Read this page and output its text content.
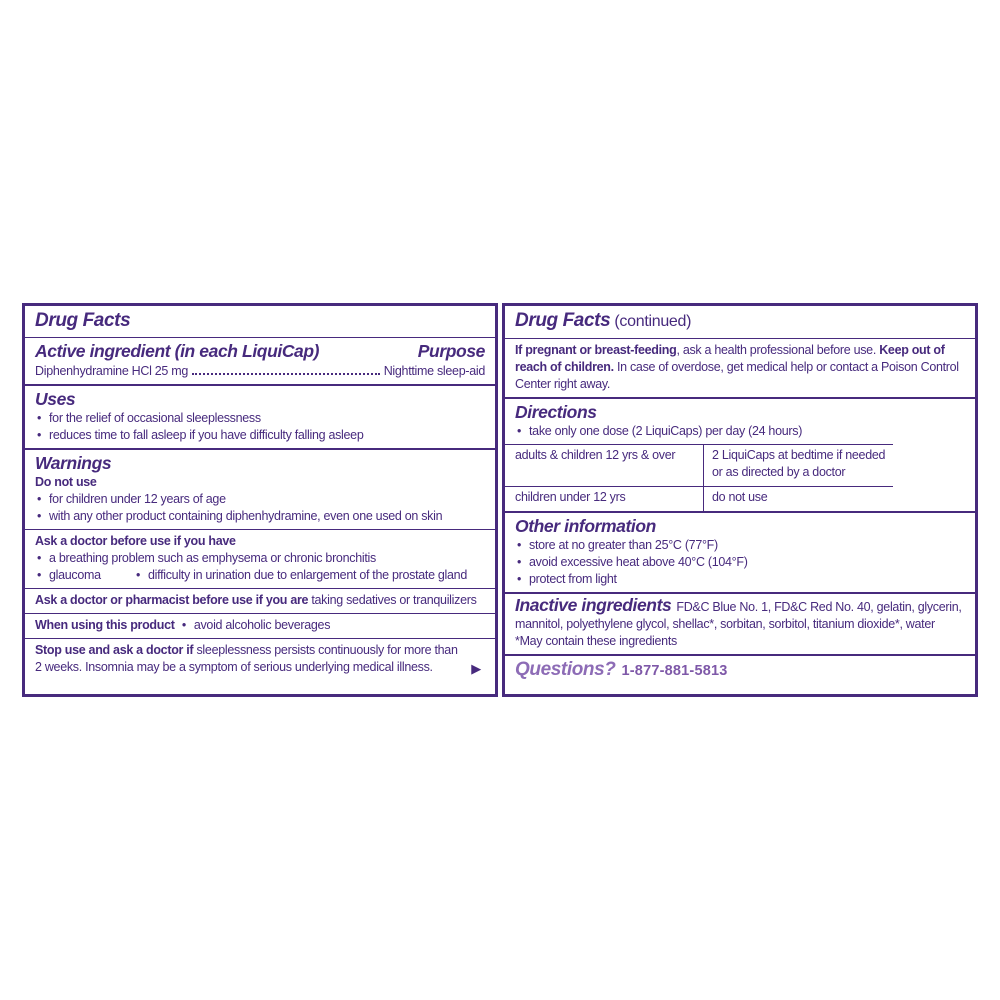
Drug Facts
Active ingredient (in each LiquiCap)	Purpose
Diphenhydramine HCl 25 mg	Nighttime sleep-aid
Uses
• for the relief of occasional sleeplessness
• reduces time to fall asleep if you have difficulty falling asleep
Warnings
Do not use
• for children under 12 years of age
• with any other product containing diphenhydramine, even one used on skin
Ask a doctor before use if you have
• a breathing problem such as emphysema or chronic bronchitis
• glaucoma	• difficulty in urination due to enlargement of the prostate gland
Ask a doctor or pharmacist before use if you are taking sedatives or tranquilizers
When using this product • avoid alcoholic beverages
Stop use and ask a doctor if sleeplessness persists continuously for more than 2 weeks. Insomnia may be a symptom of serious underlying medical illness.	▶
Drug Facts (continued)
If pregnant or breast-feeding, ask a health professional before use. Keep out of reach of children. In case of overdose, get medical help or contact a Poison Control Center right away.
Directions
• take only one dose (2 LiquiCaps) per day (24 hours)
adults & children 12 yrs & over	2 LiquiCaps at bedtime if needed or as directed by a doctor
children under 12 yrs	do not use
Other information
• store at no greater than 25°C (77°F)
• avoid excessive heat above 40°C (104°F)
• protect from light
Inactive ingredients FD&C Blue No. 1, FD&C Red No. 40, gelatin, glycerin, mannitol, polyethylene glycol, shellac*, sorbitan, sorbitol, titanium dioxide*, water
*May contain these ingredients
Questions? 1-877-881-5813
